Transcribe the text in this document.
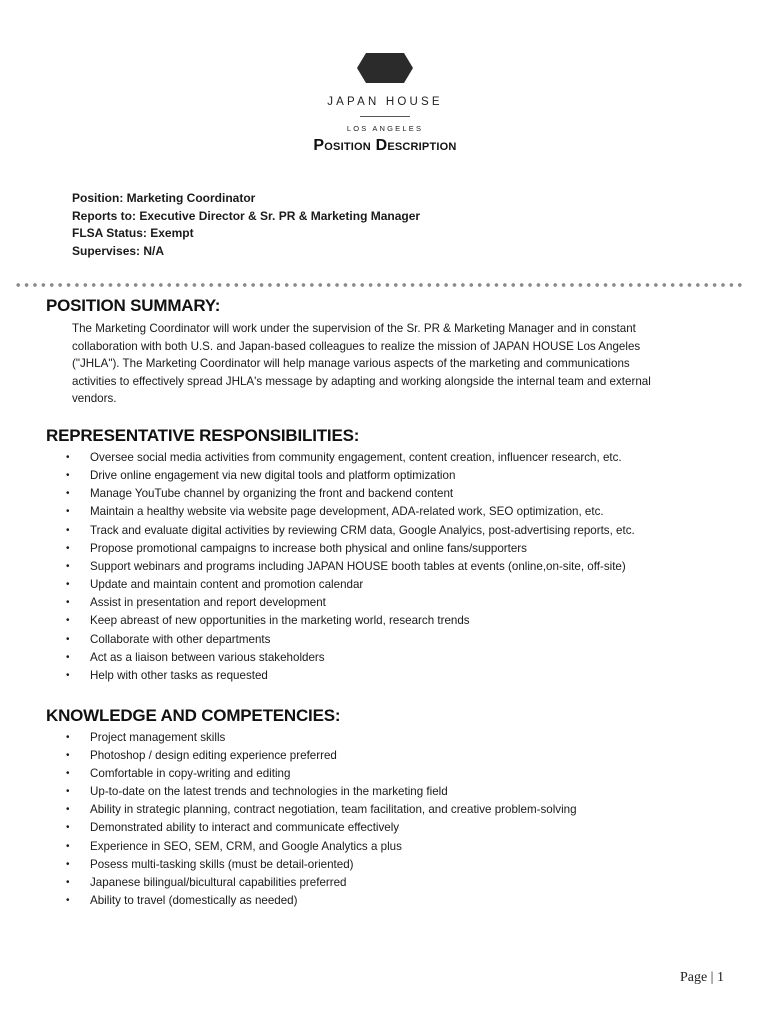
JAPAN HOUSE
LOS ANGELES
Position Description
Position: Marketing Coordinator
Reports to: Executive Director & Sr. PR & Marketing Manager
FLSA Status: Exempt
Supervises: N/A
POSITION SUMMARY:
The Marketing Coordinator will work under the supervision of the Sr. PR & Marketing Manager and in constant
collaboration with both U.S. and Japan-based colleagues to realize the mission of JAPAN HOUSE Los Angeles
("JHLA"). The Marketing Coordinator will help manage various aspects of the marketing and communications
activities to effectively spread JHLA's message by adapting and working alongside the internal team and external
vendors.
REPRESENTATIVE RESPONSIBILITIES:
• Oversee social media activities from community engagement, content creation, influencer research, etc.
• Drive online engagement via new digital tools and platform optimization
• Manage YouTube channel by organizing the front and backend content
• Maintain a healthy website via website page development, ADA-related work, SEO optimization, etc.
• Track and evaluate digital activities by reviewing CRM data, Google Analyics, post-advertising reports, etc.
• Propose promotional campaigns to increase both physical and online fans/supporters
• Support webinars and programs including JAPAN HOUSE booth tables at events (online,on-site, off-site)
• Update and maintain content and promotion calendar
• Assist in presentation and report development
• Keep abreast of new opportunities in the marketing world, research trends
• Collaborate with other departments
• Act as a liaison between various stakeholders
• Help with other tasks as requested
KNOWLEDGE AND COMPETENCIES:
• Project management skills
• Photoshop / design editing experience preferred
• Comfortable in copy-writing and editing
• Up-to-date on the latest trends and technologies in the marketing field
• Ability in strategic planning, contract negotiation, team facilitation, and creative problem-solving
• Demonstrated ability to interact and communicate effectively
• Experience in SEO, SEM, CRM, and Google Analytics a plus
• Posess multi-tasking skills (must be detail-oriented)
• Japanese bilingual/bicultural capabilities preferred
• Ability to travel (domestically as needed)
Page | 1
